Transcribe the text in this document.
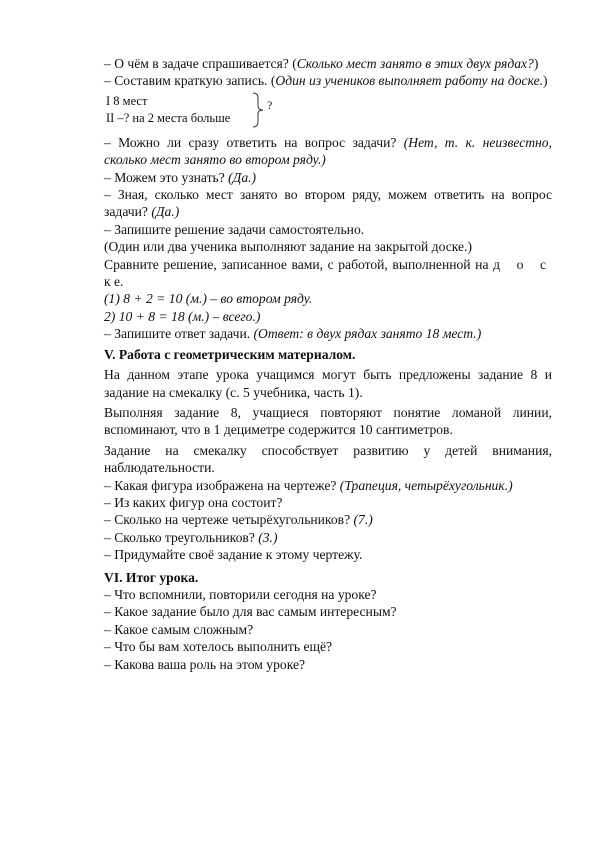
– О чём в задаче спрашивается? (Сколько мест занято в этих двух рядах?)

– Составим краткую запись. (Один из учеников выполняет работу на доске.)

I 8 мест
II –? на 2 места больше
?

– Можно ли сразу ответить на вопрос задачи? (Нет, т. к. неизвестно, сколько мест занято во втором ряду.)

– Можем это узнать? (Да.)

– Зная, сколько мест занято во втором ряду, можем ответить на вопрос задачи? (Да.)

– Запишите решение задачи самостоятельно.

(Один или два ученика выполняют задание на закрытой доске.)

Сравните решение, записанное вами, с работой, выполненной на д о с

к е.

(1) 8 + 2 = 10 (м.) – во втором ряду.

2) 10 + 8 = 18 (м.) – всего.)

– Запишите ответ задачи. (Ответ: в двух рядах занято 18 мест.)

V. Работа с геометрическим материалом.

На данном этапе урока учащимся могут быть предложены задание 8 и задание на смекалку (с. 5 учебника, часть 1).

Выполняя задание 8, учащиеся повторяют понятие ломаной линии, вспоминают, что в 1 дециметре содержится 10 сантиметров.

Задание на смекалку способствует развитию у детей внимания, наблюдательности.

– Какая фигура изображена на чертеже? (Трапеция, четырёхугольник.)

– Из каких фигур она состоит?

– Сколько на чертеже четырёхугольников? (7.)

– Сколько треугольников? (3.)

– Придумайте своё задание к этому чертежу.

VI. Итог урока.

– Что вспомнили, повторили сегодня на уроке?

– Какое задание было для вас самым интересным?

– Какое самым сложным?

– Что бы вам хотелось выполнить ещё?

– Какова ваша роль на этом уроке?
